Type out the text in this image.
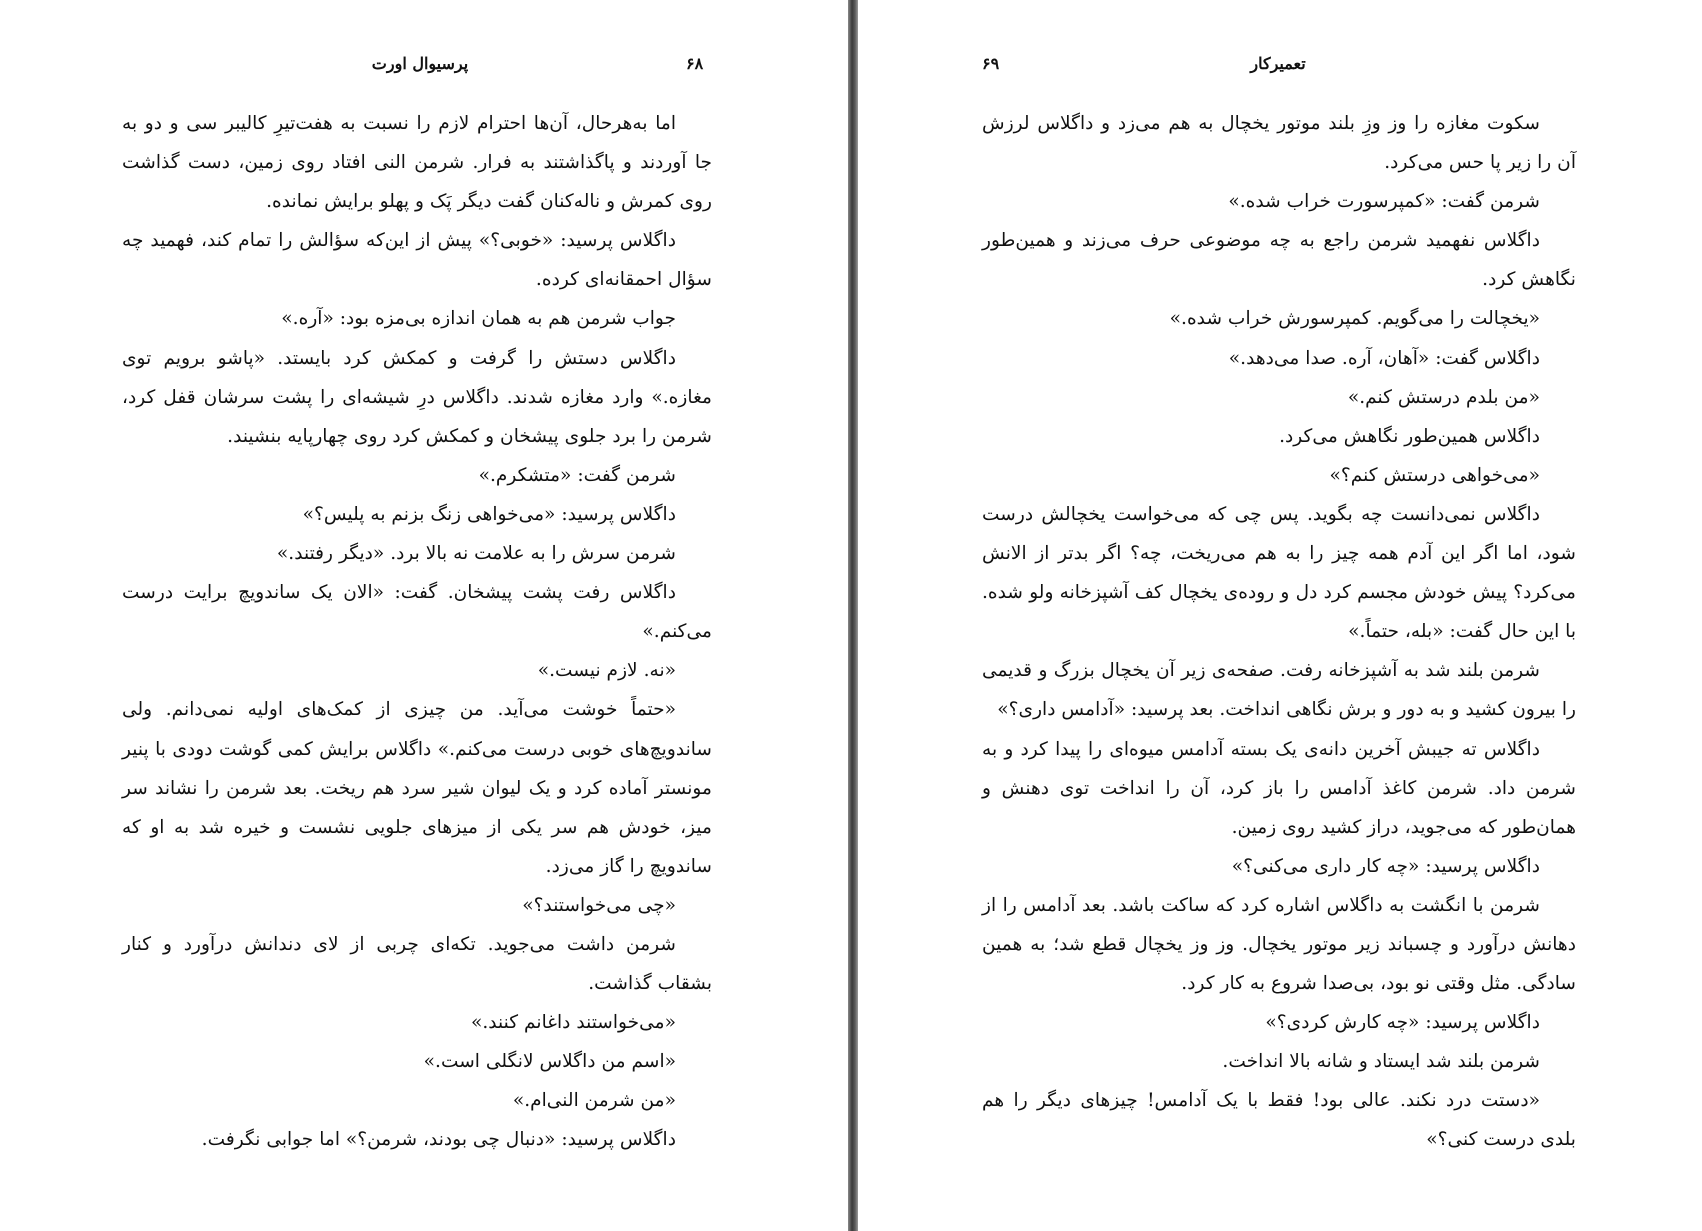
۶۸
پرسیوال اورت

اما به‌هرحال، آن‌ها احترام لازم را نسبت به هفت‌تیرِ کالیبر سی و دو به جا آوردند و پاگذاشتند به فرار. شرمن النی افتاد روی زمین، دست گذاشت روی کمرش و ناله‌کنان گفت دیگر پَک و پهلو برایش نمانده.

داگلاس پرسید: «خوبی؟» پیش از این‌که سؤالش را تمام کند، فهمید چه سؤال احمقانه‌ای کرده.

جواب شرمن هم به همان اندازه بی‌مزه بود: «آره.»

داگلاس دستش را گرفت و کمکش کرد بایستد. «پاشو برویم توی مغازه.» وارد مغازه شدند. داگلاس درِ شیشه‌ای را پشت سرشان قفل کرد، شرمن را برد جلوی پیشخان و کمکش کرد روی چهارپایه بنشیند.

شرمن گفت: «متشکرم.»

داگلاس پرسید: «می‌خواهی زنگ بزنم به پلیس؟»

شرمن سرش را به علامت نه بالا برد. «دیگر رفتند.»

داگلاس رفت پشت پیشخان. گفت: «الان یک ساندویچ برایت درست می‌کنم.»

«نه. لازم نیست.»

«حتماً خوشت می‌آید. من چیزی از کمک‌های اولیه نمی‌دانم. ولی ساندویچ‌های خوبی درست می‌کنم.» داگلاس برایش کمی گوشت دودی با پنیر مونستر آماده کرد و یک لیوان شیر سرد هم ریخت. بعد شرمن را نشاند سر میز، خودش هم سر یکی از میزهای جلویی نشست و خیره شد به او که ساندویچ را گاز می‌زد.

«چی می‌خواستند؟»

شرمن داشت می‌جوید. تکه‌ای چربی از لای دندانش درآورد و کنار بشقاب گذاشت.

«می‌خواستند داغانم کنند.»

«اسم من داگلاس لانگلی است.»

«من شرمن النی‌ام.»

داگلاس پرسید: «دنبال چی بودند، شرمن؟» اما جوابی نگرفت.

۶۹	تعمیرکار

سکوت مغازه را وز وزِ بلند موتور یخچال به هم می‌زد و داگلاس لرزش آن را زیر پا حس می‌کرد.

شرمن گفت: «کمپرسورت خراب شده.»

داگلاس نفهمید شرمن راجع به چه موضوعی حرف می‌زند و همین‌طور نگاهش کرد.

«یخچالت را می‌گویم. کمپرسورش خراب شده.»

داگلاس گفت: «آهان، آره. صدا می‌دهد.»

«من بلدم درستش کنم.»

داگلاس همین‌طور نگاهش می‌کرد.

«می‌خواهی درستش کنم؟»

داگلاس نمی‌دانست چه بگوید. پس چی که می‌خواست یخچالش درست شود، اما اگر این آدم همه چیز را به هم می‌ریخت، چه؟ اگر بدتر از الانش می‌کرد؟ پیش خودش مجسم کرد دل و روده‌ی یخچال کف آشپزخانه ولو شده. با این حال گفت: «بله، حتماً.»

شرمن بلند شد به آشپزخانه رفت. صفحه‌ی زیر آن یخچال بزرگ و قدیمی را بیرون کشید و به دور و برش نگاهی انداخت. بعد پرسید: «آدامس داری؟»

داگلاس ته جیبش آخرین دانه‌ی یک بسته آدامس میوه‌ای را پیدا کرد و به شرمن داد. شرمن کاغذ آدامس را باز کرد، آن را انداخت توی دهنش و همان‌طور که می‌جوید، دراز کشید روی زمین.

داگلاس پرسید: «چه کار داری می‌کنی؟»

شرمن با انگشت به داگلاس اشاره کرد که ساکت باشد. بعد آدامس را از دهانش درآورد و چسباند زیر موتور یخچال. وز وز یخچال قطع شد؛ به همین سادگی. مثل وقتی نو بود، بی‌صدا شروع به کار کرد.

داگلاس پرسید: «چه کارش کردی؟»

شرمن بلند شد ایستاد و شانه بالا انداخت.

«دستت درد نکند. عالی بود! فقط با یک آدامس! چیزهای دیگر را هم بلدی درست کنی؟»
